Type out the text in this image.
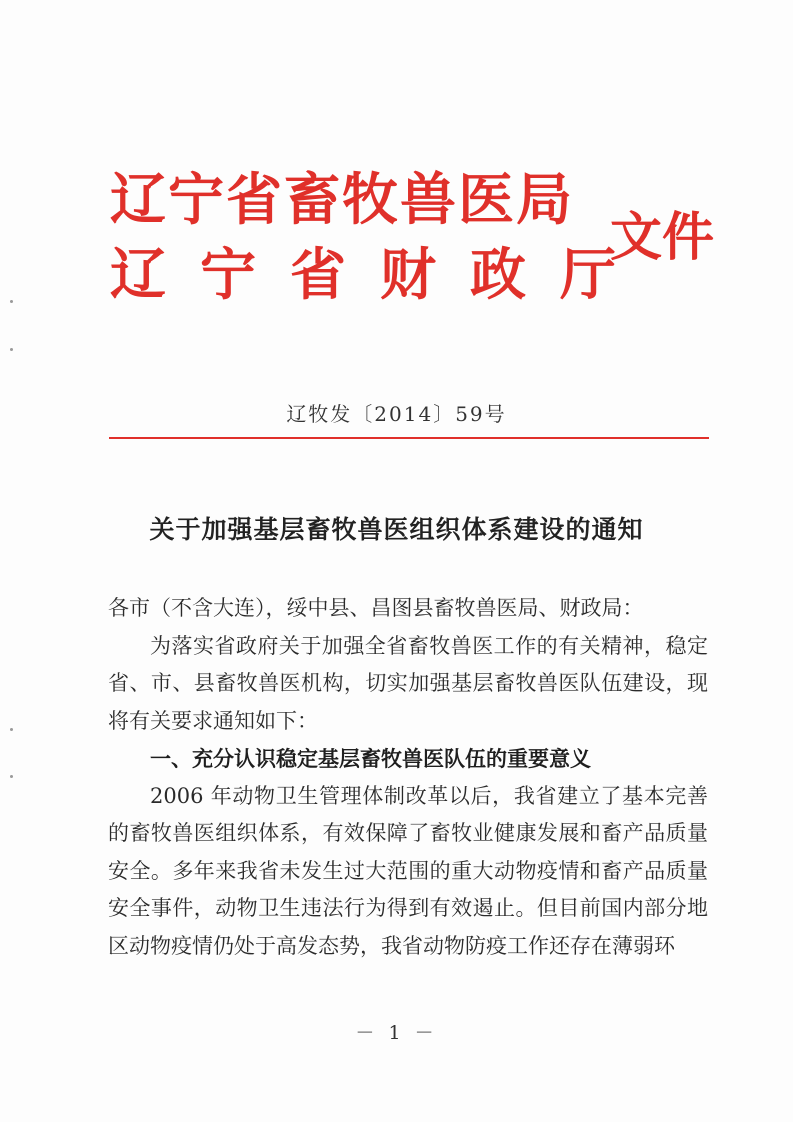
辽宁省畜牧兽医局
辽宁省财政厅
文件
辽牧发〔2014〕59号
关于加强基层畜牧兽医组织体系建设的通知

各市（不含大连），绥中县、昌图县畜牧兽医局、财政局：

为落实省政府关于加强全省畜牧兽医工作的有关精神，稳定省、市、县畜牧兽医机构，切实加强基层畜牧兽医队伍建设，现将有关要求通知如下：

一、充分认识稳定基层畜牧兽医队伍的重要意义

2006 年动物卫生管理体制改革以后，我省建立了基本完善的畜牧兽医组织体系，有效保障了畜牧业健康发展和畜产品质量安全。多年来我省未发生过大范围的重大动物疫情和畜产品质量安全事件，动物卫生违法行为得到有效遏止。但目前国内部分地区动物疫情仍处于高发态势，我省动物防疫工作还存在薄弱环

－ 1 －
